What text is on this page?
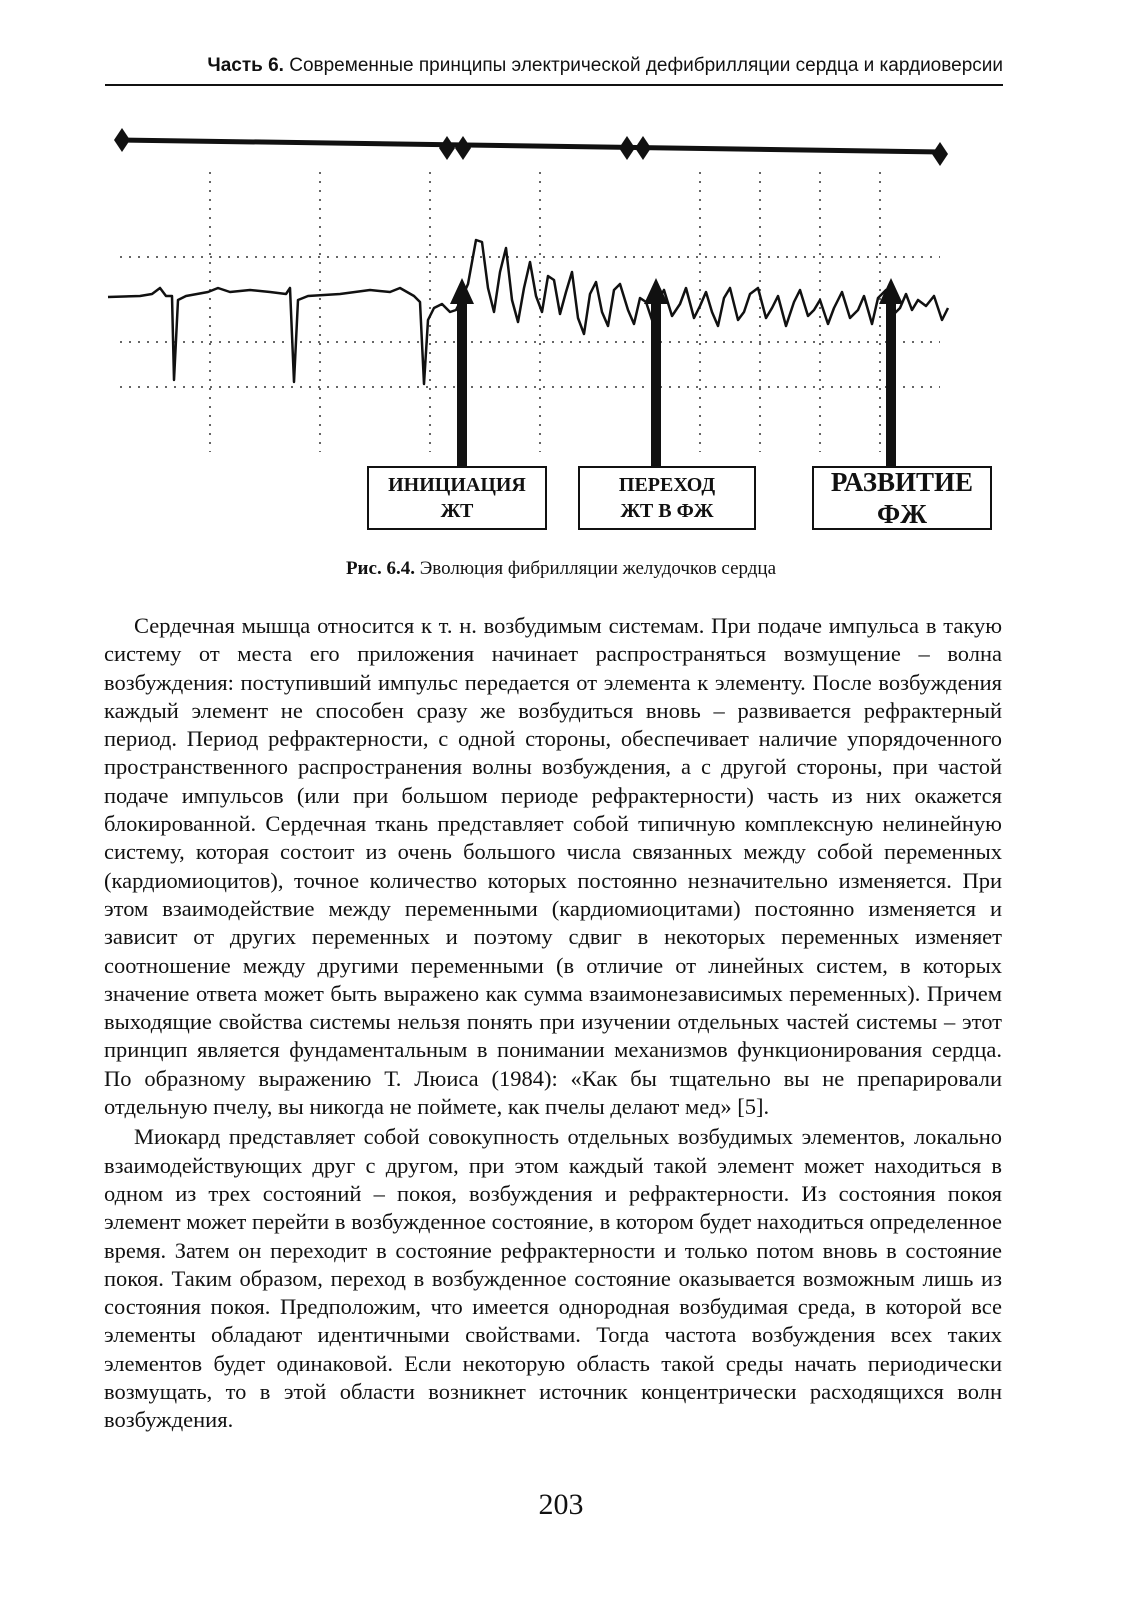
Часть 6. Современные принципы электрической дефибрилляции сердца и кардиоверсии
ИНИЦИАЦИЯ
ЖТ
ПЕРЕХОД
ЖТ В ФЖ
РАЗВИТИЕ
ФЖ
Рис. 6.4. Эволюция фибрилляции желудочков сердца

Сердечная мышца относится к т. н. возбудимым системам. При подаче импульса в такую систему от места его приложения начинает распространяться возмущение – волна возбуждения: поступивший импульс передается от элемента к элементу. После возбуждения каждый элемент не способен сразу же возбудиться вновь – развивается рефрактерный период. Период рефрактерности, с одной стороны, обеспечивает наличие упорядоченного пространственного распространения волны возбуждения, а с другой стороны, при частой подаче импульсов (или при большом периоде рефрактерности) часть из них окажется блокированной. Сердечная ткань представляет собой типичную комплексную нелинейную систему, которая состоит из очень большого числа связанных между собой переменных (кардиомиоцитов), точное количество которых постоянно незначительно изменяется. При этом взаимодействие между переменными (кардиомиоцитами) постоянно изменяется и зависит от других переменных и поэтому сдвиг в некоторых переменных изменяет соотношение между другими переменными (в отличие от линейных систем, в которых значение ответа может быть выражено как сумма взаимонезависимых переменных). Причем выходящие свойства системы нельзя понять при изучении отдельных частей системы – этот принцип является фундаментальным в понимании механизмов функционирования сердца. По образному выражению Т. Люиса (1984): «Как бы тщательно вы не препарировали отдельную пчелу, вы никогда не поймете, как пчелы делают мед» [5].

Миокард представляет собой совокупность отдельных возбудимых элементов, локально взаимодействующих друг с другом, при этом каждый такой элемент может находиться в одном из трех состояний – покоя, возбуждения и рефрактерности. Из состояния покоя элемент может перейти в возбужденное состояние, в котором будет находиться определенное время. Затем он переходит в состояние рефрактерности и только потом вновь в состояние покоя. Таким образом, переход в возбужденное состояние оказывается возможным лишь из состояния покоя. Предположим, что имеется однородная возбудимая среда, в которой все элементы обладают идентичными свойствами. Тогда частота возбуждения всех таких элементов будет одинаковой. Если некоторую область такой среды начать периодически возмущать, то в этой области возникнет источник концентрически расходящихся волн возбуждения.

203
